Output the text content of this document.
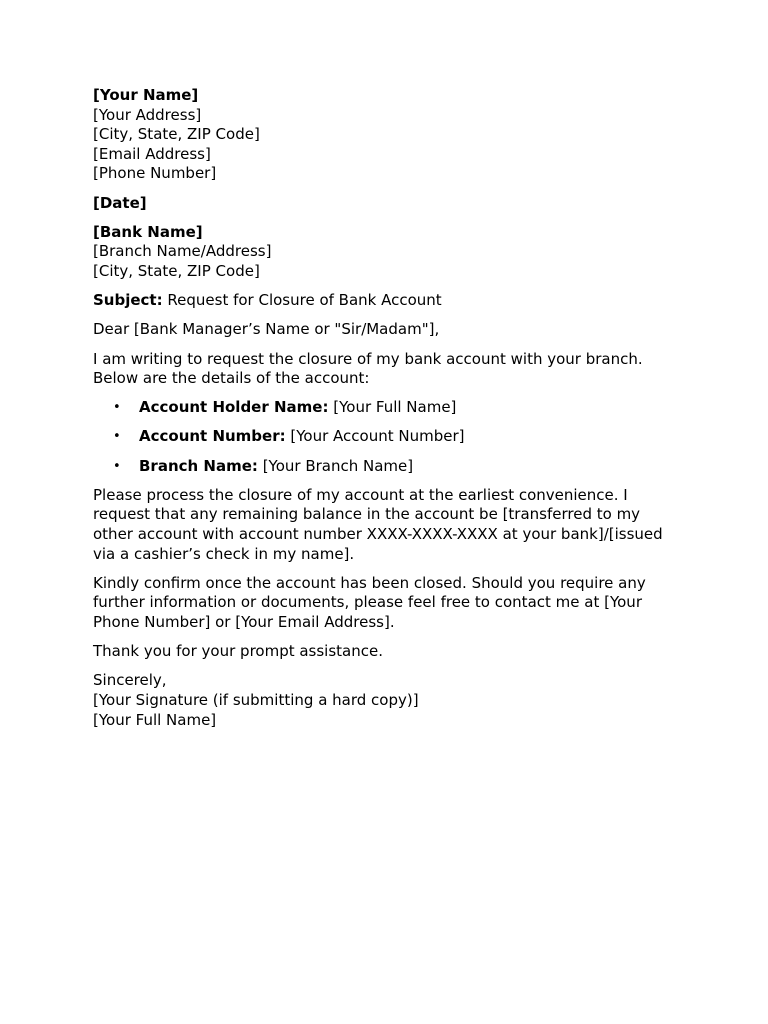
[Your Name]
[Your Address]
[City, State, ZIP Code]
[Email Address]
[Phone Number]
[Date]
[Bank Name]
[Branch Name/Address]
[City, State, ZIP Code]
Subject: Request for Closure of Bank Account
Dear [Bank Manager’s Name or "Sir/Madam"],
I am writing to request the closure of my bank account with your branch. Below are the details of the account:
• Account Holder Name: [Your Full Name]
• Account Number: [Your Account Number]
• Branch Name: [Your Branch Name]
Please process the closure of my account at the earliest convenience. I request that any remaining balance in the account be [transferred to my other account with account number XXXX-XXXX-XXXX at your bank]/[issued via a cashier’s check in my name].
Kindly confirm once the account has been closed. Should you require any further information or documents, please feel free to contact me at [Your Phone Number] or [Your Email Address].
Thank you for your prompt assistance.
Sincerely,
[Your Signature (if submitting a hard copy)]
[Your Full Name]
